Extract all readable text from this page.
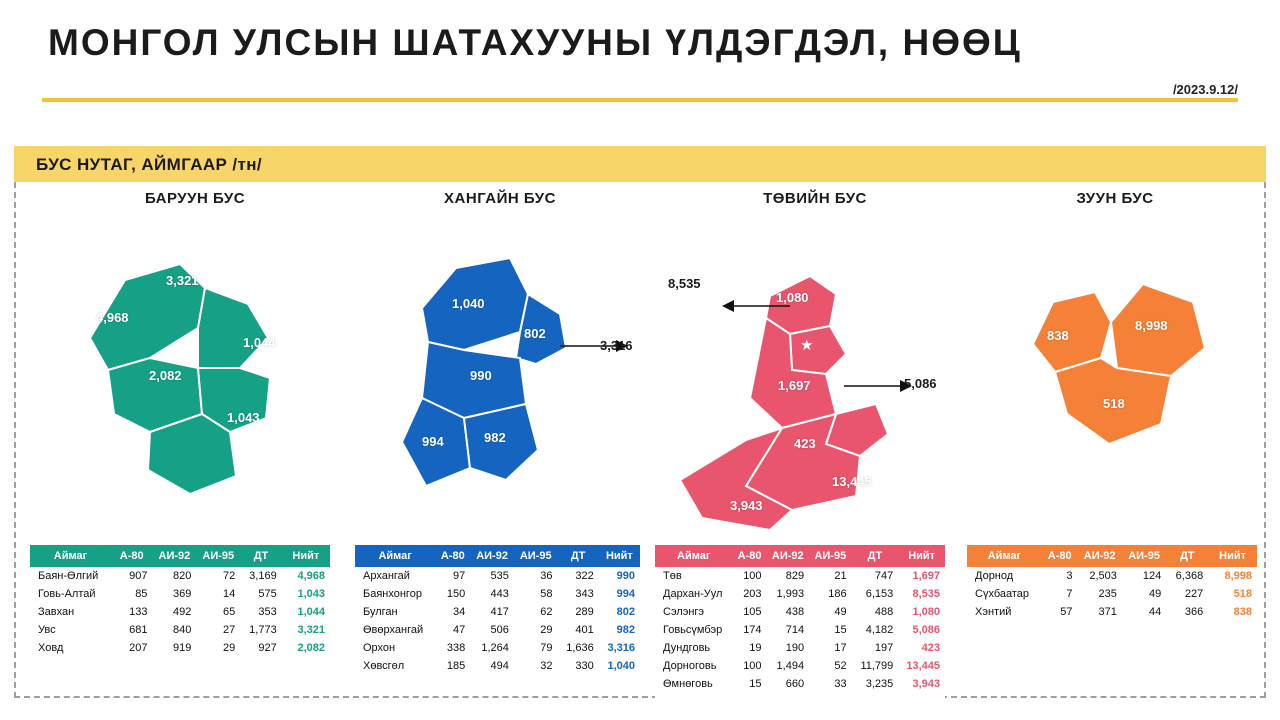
МОНГОЛ УЛСЫН ШАТАХУУНЫ ҮЛДЭГДЭЛ, НӨӨЦ
/2023.9.12/
БУС НУТАГ, АЙМГААР /тн/
БАРУУН БУС
3,321
4,968
1,044
2,082
1,043
Аймаг	А-80	АИ-92	АИ-95	ДТ	Нийт
Баян-Өлгий	907	820	72	3,169	4,968
Говь-Алтай	85	369	14	575	1,043
Завхан	133	492	65	353	1,044
Увс	681	840	27	1,773	3,321
Ховд	207	919	29	927	2,082
Нийт	2,013	3,440	208	6,798	12,458
ХАНГАЙН БУС
1,040
802
990
994	982
3,316
Аймаг	А-80	АИ-92	АИ-95	ДТ	Нийт
Архангай	97	535	36	322	990
Баянхонгор	150	443	58	343	994
Булган	34	417	62	289	802
Өвөрхангай	47	506	29	401	982
Орхон	338	1,264	79	1,636	3,316
Хөвсгөл	185	494	32	330	1,040
Нийт	851	3,659	294	3,320	8,125
ТӨВИЙН БУС
1,080
1,697
423
13,445
3,943
★
8,535
5,086
Аймаг	А-80	АИ-92	АИ-95	ДТ	Нийт
Төв	100	829	21	747	1,697
Дархан-Уул	203	1,993	186	6,153	8,535
Сэлэнгэ	105	438	49	488	1,080
Говьсүмбэр	174	714	15	4,182	5,086
Дундговь	19	190	17	197	423
Дорноговь	100	1,494	52	11,799	13,445
Өмнөговь	15	660	33	3,235	3,943
Нийт	716	6,318	374	26,802	34,209
ЗУУН БУС
838
8,998
518
Аймаг	А-80	АИ-92	АИ-95	ДТ	Нийт
Дорнод	3	2,503	124	6,368	8,998
Сүхбаатар	7	235	49	227	518
Хэнтий	57	371	44	366	838
Нийт	67	3,109	216	6,962	10,354
